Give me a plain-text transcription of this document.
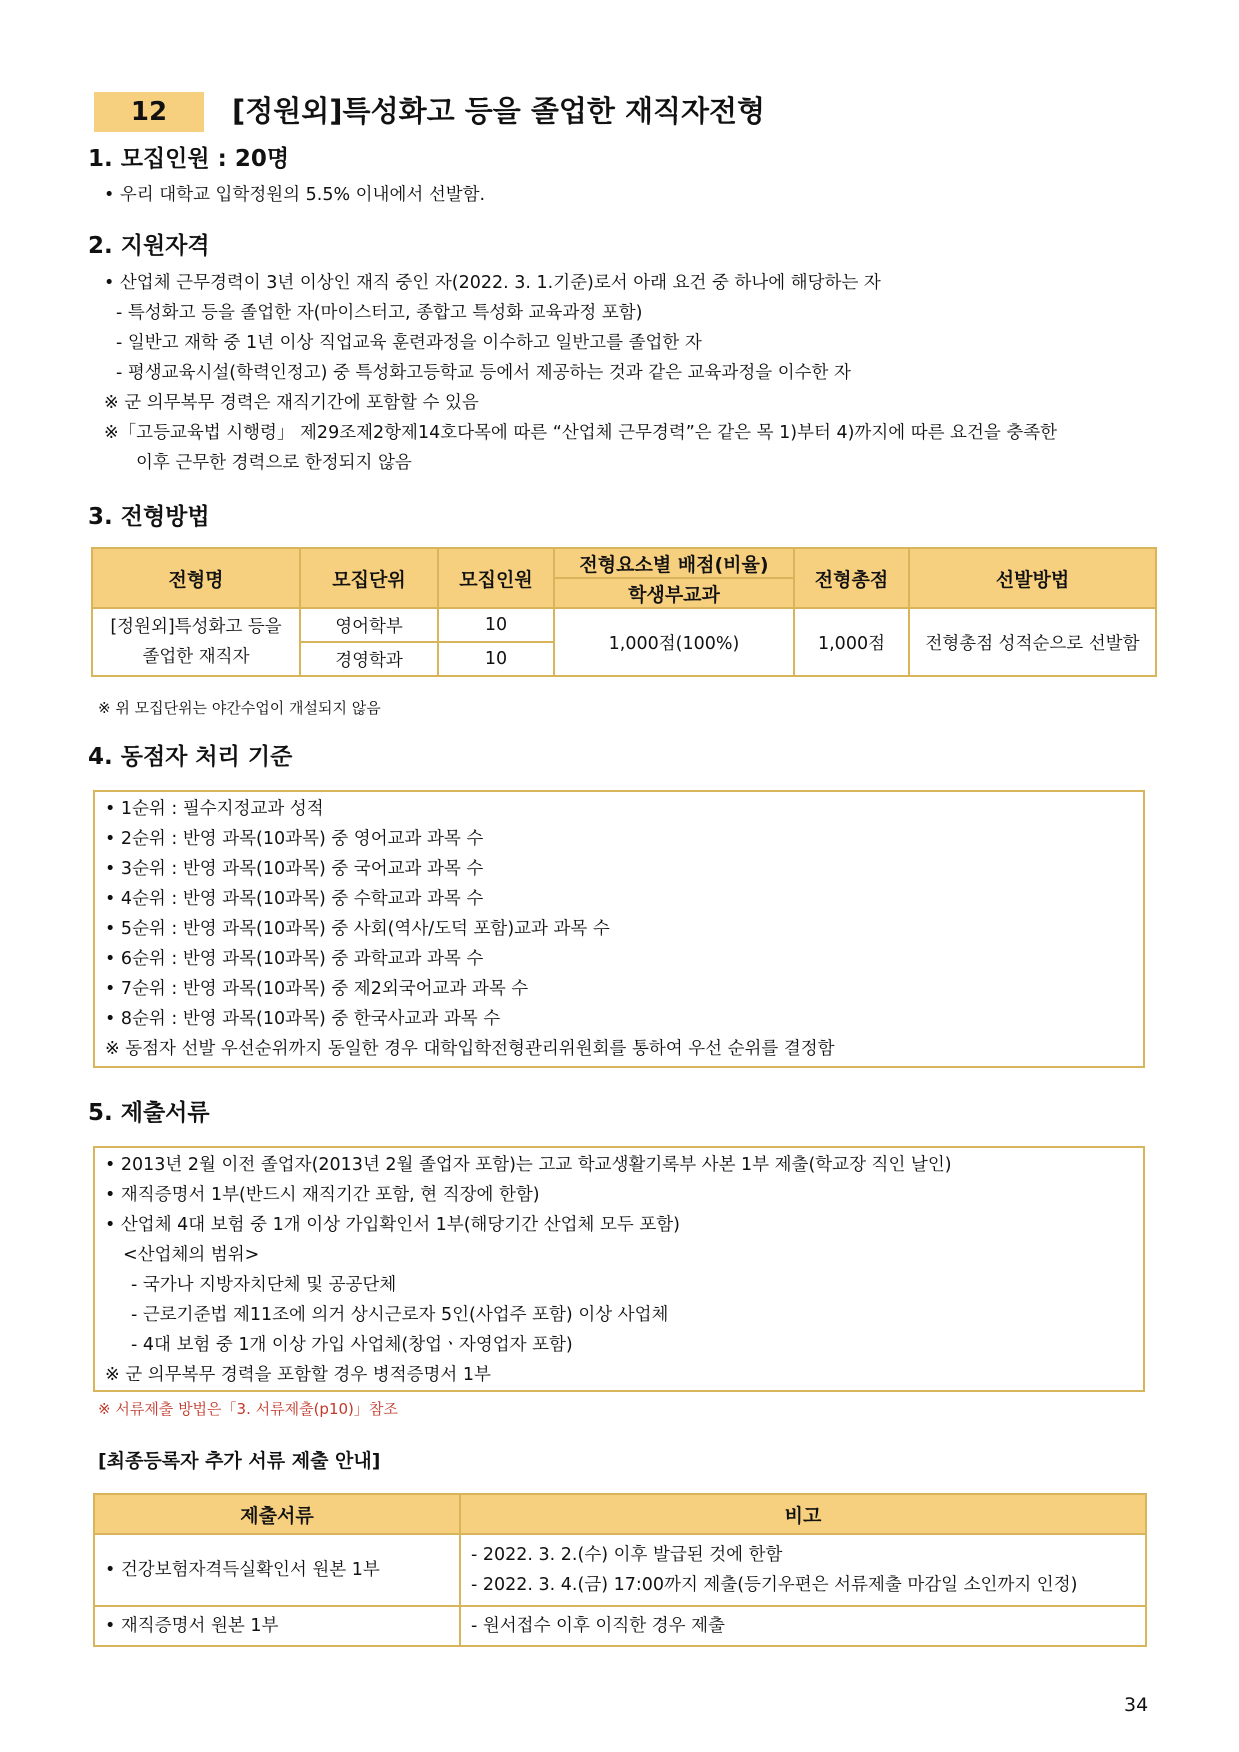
12	[정원외]특성화고 등을 졸업한 재직자전형
1. 모집인원 : 20명
• 우리 대학교 입학정원의 5.5% 이내에서 선발함.
2. 지원자격
• 산업체 근무경력이 3년 이상인 재직 중인 자(2022. 3. 1.기준)로서 아래 요건 중 하나에 해당하는 자
- 특성화고 등을 졸업한 자(마이스터고, 종합고 특성화 교육과정 포함)
- 일반고 재학 중 1년 이상 직업교육 훈련과정을 이수하고 일반고를 졸업한 자
- 평생교육시설(학력인정고) 중 특성화고등학교 등에서 제공하는 것과 같은 교육과정을 이수한 자
※ 군 의무복무 경력은 재직기간에 포함할 수 있음
※「고등교육법 시행령」 제29조제2항제14호다목에 따른 “산업체 근무경력”은 같은 목 1)부터 4)까지에 따른 요건을 충족한
이후 근무한 경력으로 한정되지 않음
3. 전형방법
전형명	모집단위	모집인원	전형요소별 배점(비율)	전형총점	선발방법
			학생부교과		

[정원외]특성화고 등을
졸업한 재직자	영어학부	10	1,000점(100%)	1,000점	전형총점 성적순으로 선발함
	경영학과	10			
※ 위 모집단위는 야간수업이 개설되지 않음
4. 동점자 처리 기준
• 1순위 : 필수지정교과 성적
• 2순위 : 반영 과목(10과목) 중 영어교과 과목 수
• 3순위 : 반영 과목(10과목) 중 국어교과 과목 수
• 4순위 : 반영 과목(10과목) 중 수학교과 과목 수
• 5순위 : 반영 과목(10과목) 중 사회(역사/도덕 포함)교과 과목 수
• 6순위 : 반영 과목(10과목) 중 과학교과 과목 수
• 7순위 : 반영 과목(10과목) 중 제2외국어교과 과목 수
• 8순위 : 반영 과목(10과목) 중 한국사교과 과목 수
※ 동점자 선발 우선순위까지 동일한 경우 대학입학전형관리위원회를 통하여 우선 순위를 결정함
5. 제출서류
• 2013년 2월 이전 졸업자(2013년 2월 졸업자 포함)는 고교 학교생활기록부 사본 1부 제출(학교장 직인 날인)
• 재직증명서 1부(반드시 재직기간 포함, 현 직장에 한함)
• 산업체 4대 보험 중 1개 이상 가입확인서 1부(해당기간 산업체 모두 포함)
<산업체의 범위>
- 국가나 지방자치단체 및 공공단체
- 근로기준법 제11조에 의거 상시근로자 5인(사업주 포함) 이상 사업체
- 4대 보험 중 1개 이상 가입 사업체(창업ㆍ자영업자 포함)
※ 군 의무복무 경력을 포함할 경우 병적증명서 1부
※ 서류제출 방법은「3. 서류제출(p10)」참조
[최종등록자 추가 서류 제출 안내]
제출서류	비고
• 건강보험자격득실확인서 원본 1부	- 2022. 3. 2.(수) 이후 발급된 것에 한함
- 2022. 3. 4.(금) 17:00까지 제출(등기우편은 서류제출 마감일 소인까지 인정)

• 재직증명서 원본 1부	- 원서접수 이후 이직한 경우 제출
34
